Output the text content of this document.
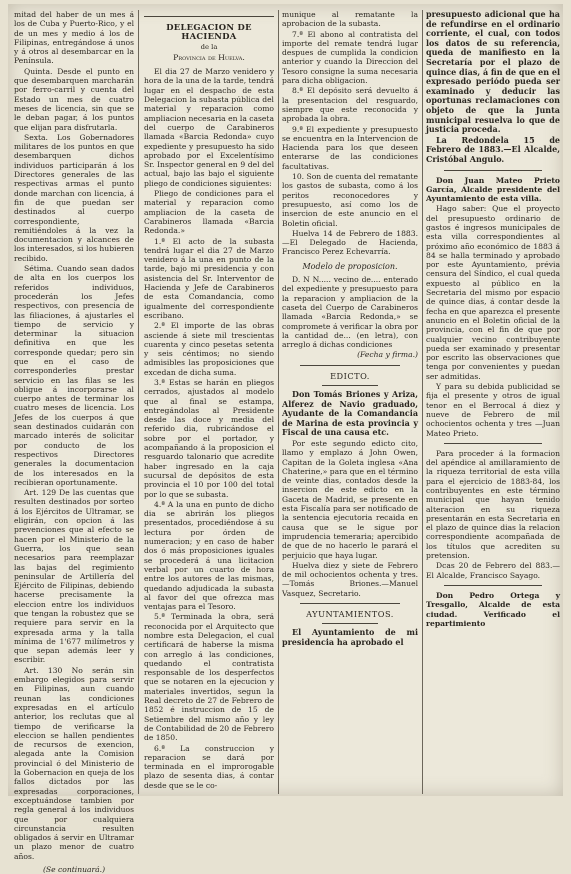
mitad del haber de un mes á los de Cuba y Puerto-Rico, y el de un mes y medio á los de Filipinas, entregándose á unos y á otros al desembarcar en la Península.

Quinta. Desde el punto en que desembarquen marcharán por ferro-carril y cuenta del Estado un mes de cuatro meses de licencia, sin que se le deban pagar, á los puntos que elijan para disfrutarla.

Sexta. Los Gobernadores militares de los puntos en que desembarquen dichos individuos participarán á los Directores generales de las respectivas armas el punto donde marchan con licencia, á fin de que puedan ser destinados al cuerpo correspondiente, remitiéndoles á la vez la documentacion y alcances de los interesados, si los hubieren recibido.

Sétima. Cuando sean dados de alta en los cuerpos los referidos individuos, procederán los Jefes respectivos, con presencia de las filiaciones, á ajustarles el tiempo de servicio y determinar la situacion definitiva en que les corresponde quedar; pero sin que en el caso de corresponderles prestar servicio en las filas se les obligue á incorporarse al cuerpo antes de terminar los cuatro meses de licencia. Los Jefes de los cuerpos á que sean destinados cuidarán con marcado interés de solicitar por conducto de los respectivos Directores generales la documentacion de los interesados en la recibieran oportunamente.

Art. 129 De las cuentas que resulten destinados por sorteo á los Ejércitos de Ultramar, se eligirán, con opcion á las prevenciones que al efecto se hacen por el Ministerio de la Guerra, los que sean necesarios para reemplazar las bajas del regimiento peninsular de Artillería del Ejército de Filipinas, debiendo hacerse precisamente la eleccion entre los individuos que tengan la robustez que se requiere para servir en la expresada arma y la talla mínima de 1'677 milímetros y que sepan además leer y escribir.

Art. 130 No serán sin embargo elegidos para servir en Filipinas, aun cuando reunan las condiciones expresadas en el artículo anterior, los reclutas que al tiempo de verificarse la eleccion se hallen pendientes de recursos de exencion, alegada ante la Comision provincial ó del Ministerio de la Gobernacion en queja de los fallos dictados por las expresadas corporaciones, exceptuándose tambien por regla general á los individuos que por cualquiera circunstancia resulten obligados á servir en Ultramar un plazo menor de cuatro años.

(Se continuará.)

DELEGACION DE HACIENDA

de la

Provincia de Huelva.

El dia 27 de Marzo venidero y hora de la una de la tarde, tendrá lugar en el despacho de esta Delegacion la subasta pública del material y reparacion como ampliacion necesaria en la caseta del cuerpo de Carabineros llamada «Barcia Redonda» cuyo expediente y presupuesto ha sido aprobado por el Excelentísimo Sr. Inspector general en 9 del del actual, bajo las bajo el siguiente pliego de condiciones siguientes:

Pliego de condiciones para el material y reparacion como ampliacion de la caseta de Carabineros llamada «Barcia Redonda.»

1.ª El acto de la subasta tendrá lugar el dia 27 de Marzo venidero á la una en punto de la tarde, bajo mi presidencia y con asistencia del Sr. Interventor de Hacienda y Jefe de Carabineros de esta Comandancia, como igualmente del correspondiente escribano.

2.ª El importe de las obras asciende á siete mil trescientas cuarenta y cinco pesetas setenta y seis céntimos; no siendo admisibles las proposiciones que excedan de dicha suma.

3.ª Estas se harán en pliegos cerrados, ajustados al modelo que al final se estampa, entregándolas al Presidente desde las doce y media del referido dia, rubricándose el sobre por el portador, y acompañando á la proposicion el resguardo talonario que acredite haber ingresado en la caja sucursal de depósitos de esta provincia el 10 por 100 del total por lo que se subasta.

4.ª A la una en punto de dicho dia se abrirán los pliegos presentados, procediéndose á su lectura por órden de numeracion; y en caso de haber dos ó más proposiciones iguales se procederá á una licitacion verbal por un cuarto de hora entre los autores de las mismas, quedando adjudicada la subasta al favor del que ofrezca mas ventajas para el Tesoro.

5.ª Terminada la obra, será reconocida por el Arquitecto que nombre esta Delegacion, el cual certificará de haberse la misma con arreglo á las condiciones, quedando el contratista responsable de los desperfectos que se notaren en la ejecucion y materiales invertidos, segun la Real decreto de 27 de Febrero de 1852 é instruccion de 15 de Setiembre del mismo año y ley de Contabilidad de 20 de Febrero de 1850.

6.ª La construccion y reparacion se dará por terminada en el improrogable plazo de sesenta dias, á contar desde que se le co-

munique al rematante la aprobacion de la subasta.

7.ª El abono al contratista del importe del remate tendrá lugar despues de cumplida la condicion anterior y cuando la Direccion del Tesoro consigne la suma necesaria para dicha obligacion.

8.ª El depósito será devuelto á la presentacion del resguardo, siempre que este reconocida y aprobada la obra.

9.ª El expediente y presupuesto se encuentra en la Intervencion de Hacienda para los que deseen enterarse de las condiciones facultativas.

10. Son de cuenta del rematante los gastos de subasta, como á los peritos reconocedores y presupuesto, así como los de insercion de este anuncio en el Boletin oficial.

Huelva 14 de Febrero de 1883. —El Delegado de Hacienda, Francisco Perez Echevarría.

Modelo de proposicion.

D. N N..... vecino de.... enterado del expediente y presupuesto para la reparacion y ampliacion de la caseta del Cuerpo de Carabineros llamada «Barcia Redonda,» se compromete á verificar la obra por la cantidad de... (en letra), con arreglo á dichas condiciones

(Fecha y firma.)

EDICTO.

Don Tomás Briones y Ariza, Alferez de Navio graduado, Ayudante de la Comandancia de Marina de esta provincia y Fiscal de una causa etc.

Por este segundo edicto cito, llamo y emplazo á John Owen, Capitan de la Goleta inglesa «Ana Chaterine,» para que en el término de veinte dias, contados desde la insercion de este edicto en la Gaceta de Madrid, se presente en esta Fiscalía para ser notificado de la sentencia ejecutoria recaida en causa que se le sigue por imprudencia temeraria; apercibido de que de no hacerlo le parará el perjuicio que haya lugar.

Huelva diez y siete de Febrero de mil ochocientos ochenta y tres.—Tomás Briones.—Manuel Vasquez, Secretario.

AYUNTAMIENTOS.

El Ayuntamiento de mi presidencia ha aprobado el

presupuesto adicional que ha de refundirse en el ordinario corriente, el cual, con todos los datos de su referencia, queda de manifiesto en la Secretaría por el plazo de quince dias, á fin de que en el expresado periódo pueda ser examinado y deducir las oportunas reclamaciones con objeto de que la Junta municipal resuelva lo que de justicia proceda.

La Redondela 15 de Febrero de 1883.—El Alcalde, Cristóbal Angulo.

Don Juan Mateo Prieto García, Alcalde presidente del Ayuntamiento de esta villa.

Hago saber: Que el proyecto del presupuesto ordinario de gastos é ingresos municipales de esta villa correspondientes al próximo año económico de 1883 á 84 se halla terminado y aprobado por este Ayuntamiento, préviа censura del Síndico, el cual queda expuesto al público en la Secretaria del mismo por espacio de quince dias, á contar desde la fecha en que aparezca el presente anuncio en el Boletin oficial de la provincia, con el fin de que por cualquier vecino contribuyente pueda ser examinado y presentar por escrito las observaciones que tenga por convenientes y puedan ser admitidas.

Y para su debida publicidad se fija el presente y otros de igual tenor en el Berrocal á diez y nueve de Febrero de mil ochocientos ochenta y tres —Juan Mateo Prieto.

Para proceder á la formacion del apéndice al amillaramiento de la riqueza territorial de esta villa para el ejercicio de 1883-84, los contribuyentes en este término municipal que hayan tenido alteracion en su riqueza presentarán en esta Secretaria en el plazo de quince dias la relacion correspondiente acompañada de los títulos que acrediten su pretension.

Dcas 20 de Febrero del 883.—El Alcalde, Francisco Sayago.

Don Pedro Ortega y Tresgallo, Alcalde de esta ciudad. Verificado el repartimiento
